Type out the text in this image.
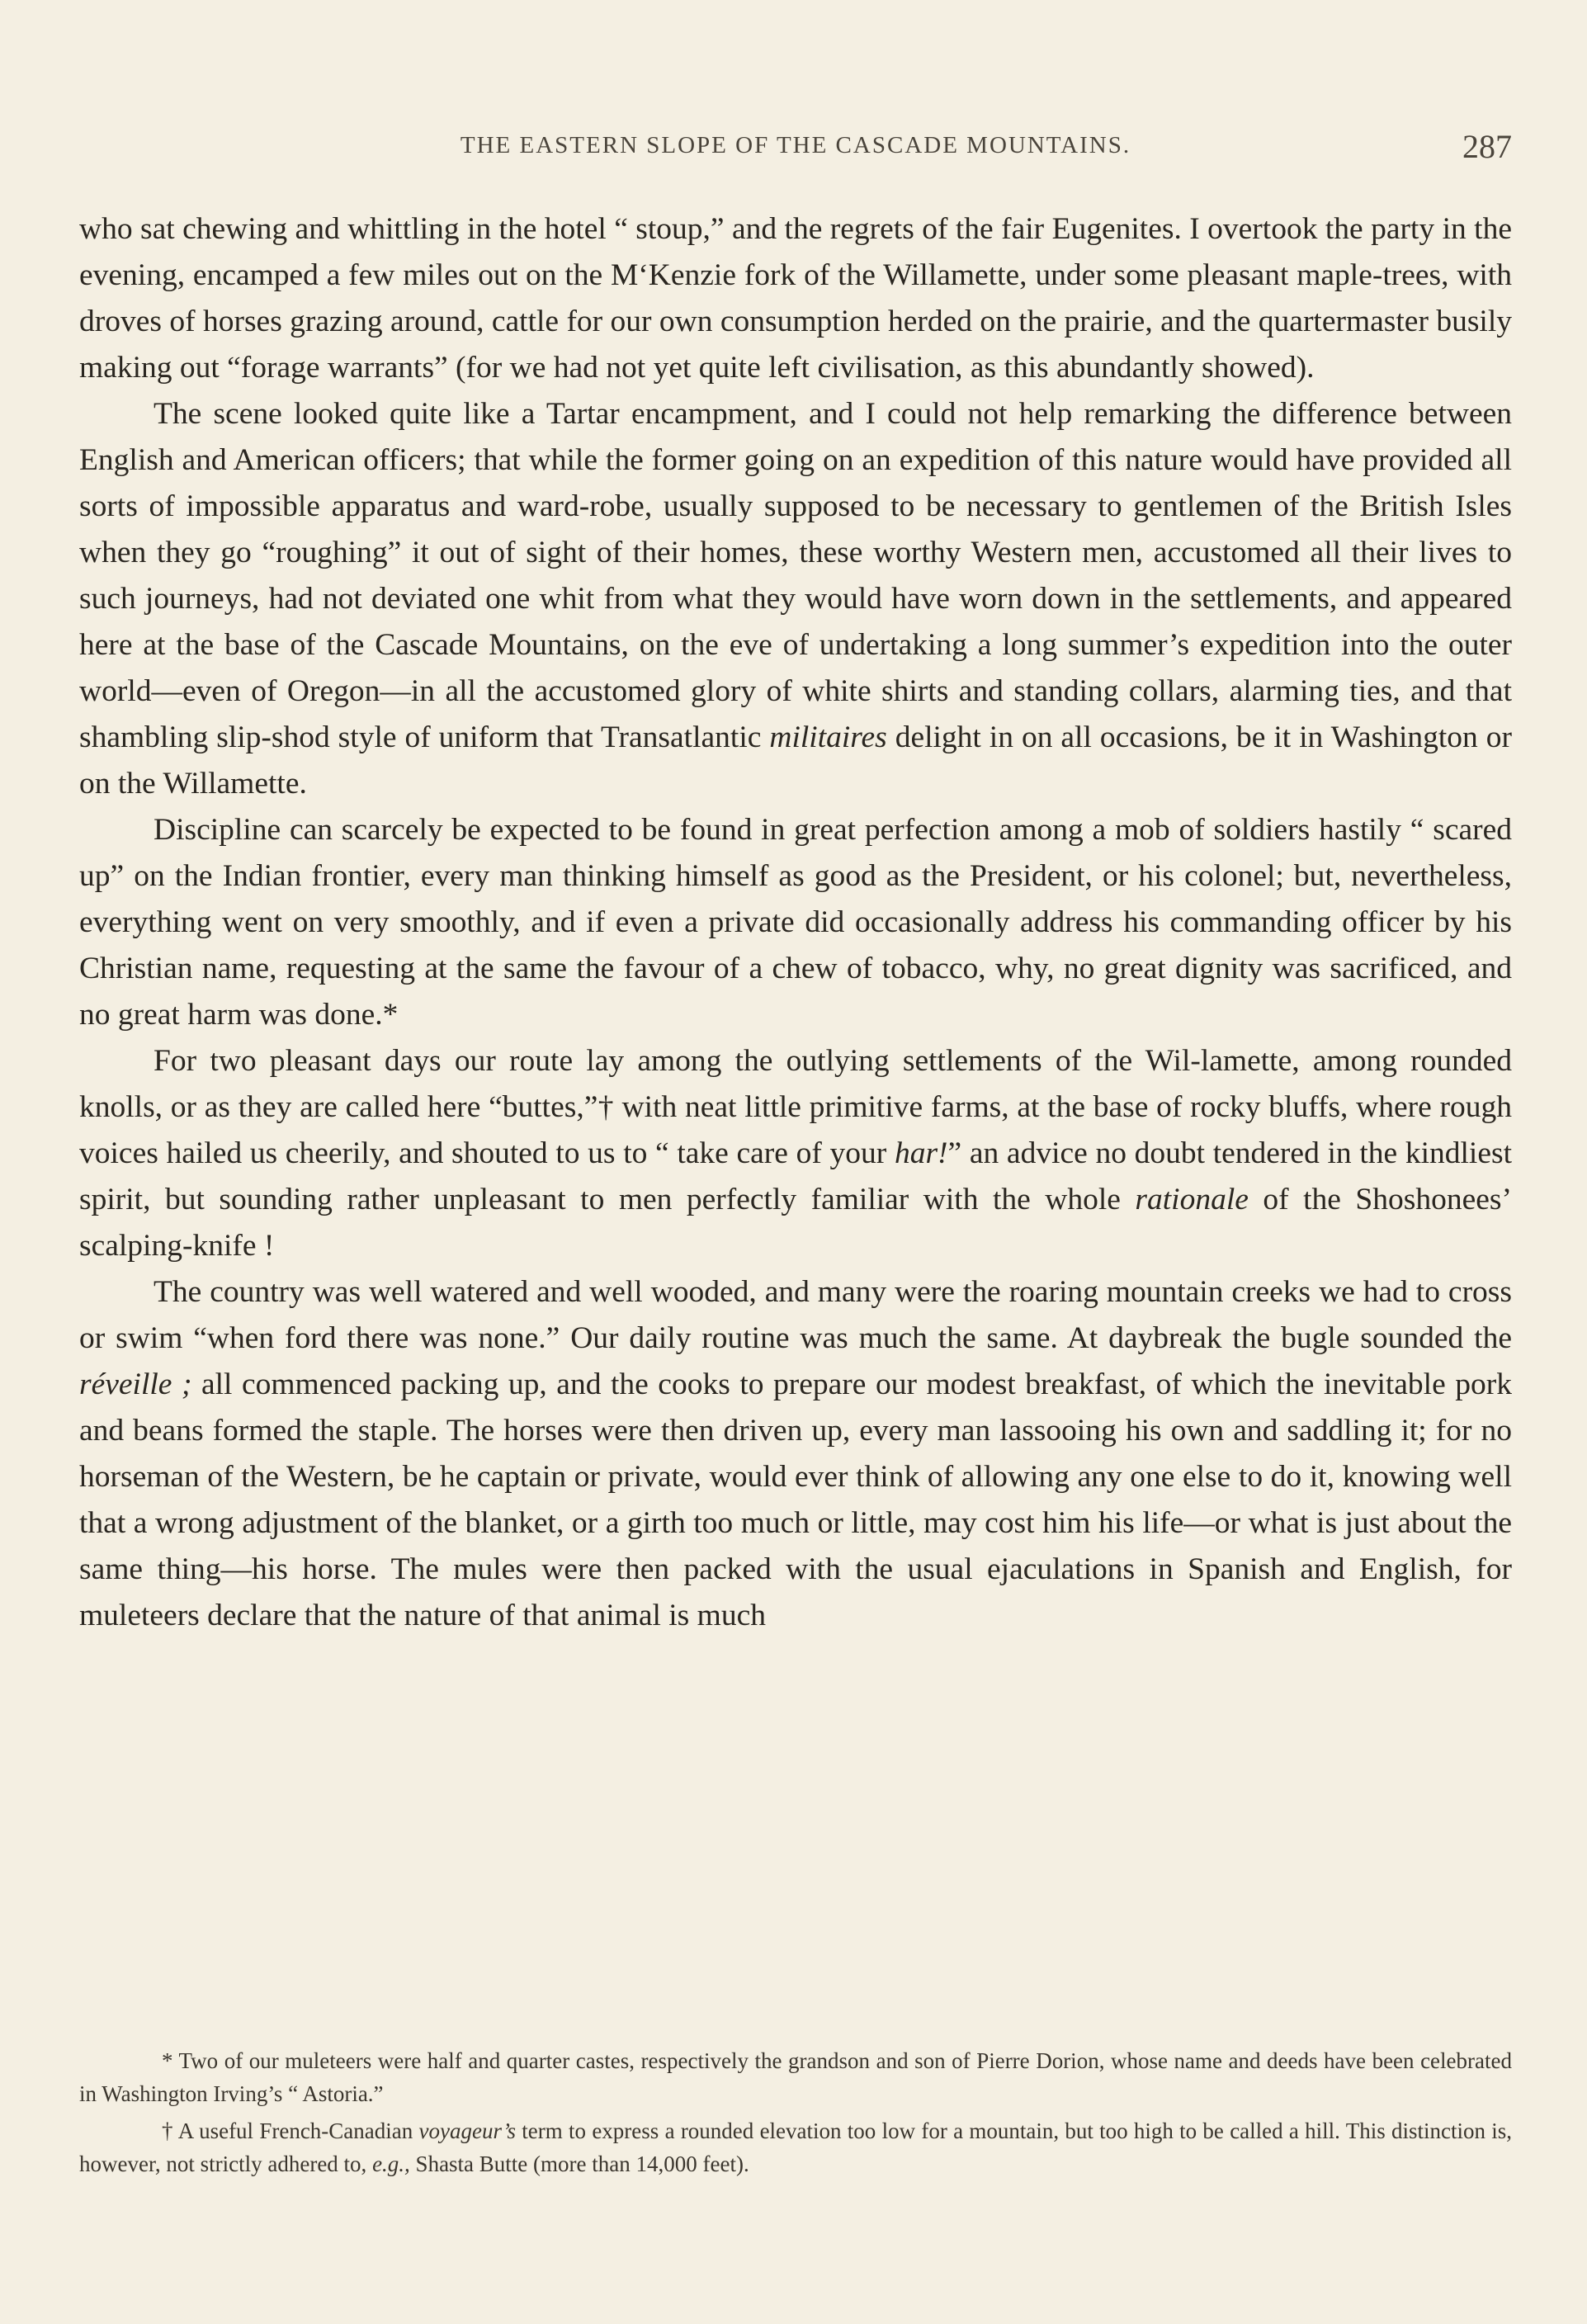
THE EASTERN SLOPE OF THE CASCADE MOUNTAINS.	287

who sat chewing and whittling in the hotel “ stoup,” and the regrets of the fair Eugenites. I overtook the party in the evening, encamped a few miles out on the M‘Kenzie fork of the Willamette, under some pleasant maple-trees, with droves of horses grazing around, cattle for our own consumption herded on the prairie, and the quartermaster busily making out “forage warrants” (for we had not yet quite left civilisation, as this abundantly showed).

The scene looked quite like a Tartar encampment, and I could not help remarking the difference between English and American officers; that while the former going on an expedition of this nature would have provided all sorts of impossible apparatus and ward-robe, usually supposed to be necessary to gentlemen of the British Isles when they go “roughing” it out of sight of their homes, these worthy Western men, accustomed all their lives to such journeys, had not deviated one whit from what they would have worn down in the settlements, and appeared here at the base of the Cascade Mountains, on the eve of undertaking a long summer’s expedition into the outer world—even of Oregon—in all the accustomed glory of white shirts and standing collars, alarming ties, and that shambling slip-shod style of uniform that Transatlantic militaires delight in on all occasions, be it in Washington or on the Willamette.

Discipline can scarcely be expected to be found in great perfection among a mob of soldiers hastily “ scared up” on the Indian frontier, every man thinking himself as good as the President, or his colonel; but, nevertheless, everything went on very smoothly, and if even a private did occasionally address his commanding officer by his Christian name, requesting at the same the favour of a chew of tobacco, why, no great dignity was sacrificed, and no great harm was done.*

For two pleasant days our route lay among the outlying settlements of the Wil-lamette, among rounded knolls, or as they are called here “buttes,”† with neat little primitive farms, at the base of rocky bluffs, where rough voices hailed us cheerily, and shouted to us to “ take care of your har!” an advice no doubt tendered in the kindliest spirit, but sounding rather unpleasant to men perfectly familiar with the whole rationale of the Shoshonees’ scalping-knife !

The country was well watered and well wooded, and many were the roaring mountain creeks we had to cross or swim “when ford there was none.” Our daily routine was much the same. At daybreak the bugle sounded the réveille ; all commenced packing up, and the cooks to prepare our modest breakfast, of which the inevitable pork and beans formed the staple. The horses were then driven up, every man lassooing his own and saddling it; for no horseman of the Western, be he captain or private, would ever think of allowing any one else to do it, knowing well that a wrong adjustment of the blanket, or a girth too much or little, may cost him his life—or what is just about the same thing—his horse. The mules were then packed with the usual ejaculations in Spanish and English, for muleteers declare that the nature of that animal is much

* Two of our muleteers were half and quarter castes, respectively the grandson and son of Pierre Dorion, whose name and deeds have been celebrated in Washington Irving’s “ Astoria.”

† A useful French-Canadian voyageur’s term to express a rounded elevation too low for a mountain, but too high to be called a hill. This distinction is, however, not strictly adhered to, e.g., Shasta Butte (more than 14,000 feet).
